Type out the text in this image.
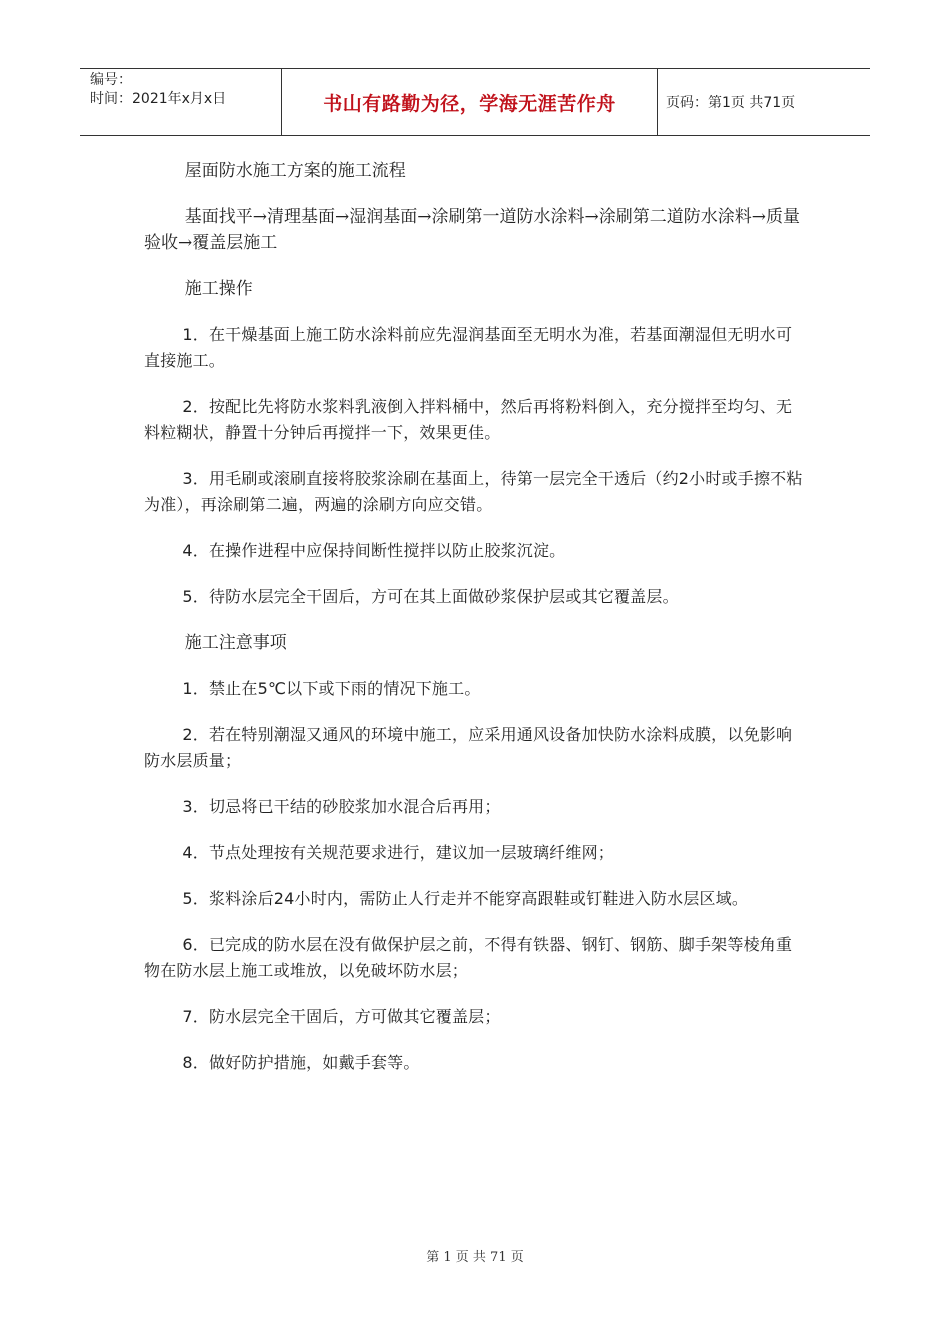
编号：
时间：2021年x月x日	书山有路勤为径，学海无涯苦作舟	页码：第1页 共71页

屋面防水施工方案的施工流程

基面找平→清理基面→湿润基面→涂刷第一道防水涂料→涂刷第二道防水涂料→质量验收→覆盖层施工

施工操作

1．在干燥基面上施工防水涂料前应先湿润基面至无明水为准，若基面潮湿但无明水可直接施工。

2．按配比先将防水浆料乳液倒入拌料桶中，然后再将粉料倒入，充分搅拌至均匀、无料粒糊状，静置十分钟后再搅拌一下，效果更佳。

3．用毛刷或滚刷直接将胶浆涂刷在基面上，待第一层完全干透后（约2小时或手擦不粘为准），再涂刷第二遍，两遍的涂刷方向应交错。

4．在操作进程中应保持间断性搅拌以防止胶浆沉淀。

5．待防水层完全干固后，方可在其上面做砂浆保护层或其它覆盖层。

施工注意事项

1．禁止在5℃以下或下雨的情况下施工。

2．若在特别潮湿又通风的环境中施工，应采用通风设备加快防水涂料成膜，以免影响防水层质量；

3．切忌将已干结的砂胶浆加水混合后再用；

4．节点处理按有关规范要求进行，建议加一层玻璃纤维网；

5．浆料涂后24小时内，需防止人行走并不能穿高跟鞋或钉鞋进入防水层区域。

6．已完成的防水层在没有做保护层之前，不得有铁器、钢钉、钢筋、脚手架等棱角重物在防水层上施工或堆放，以免破坏防水层；

7．防水层完全干固后，方可做其它覆盖层；

8．做好防护措施，如戴手套等。

第 1 页 共 71 页
